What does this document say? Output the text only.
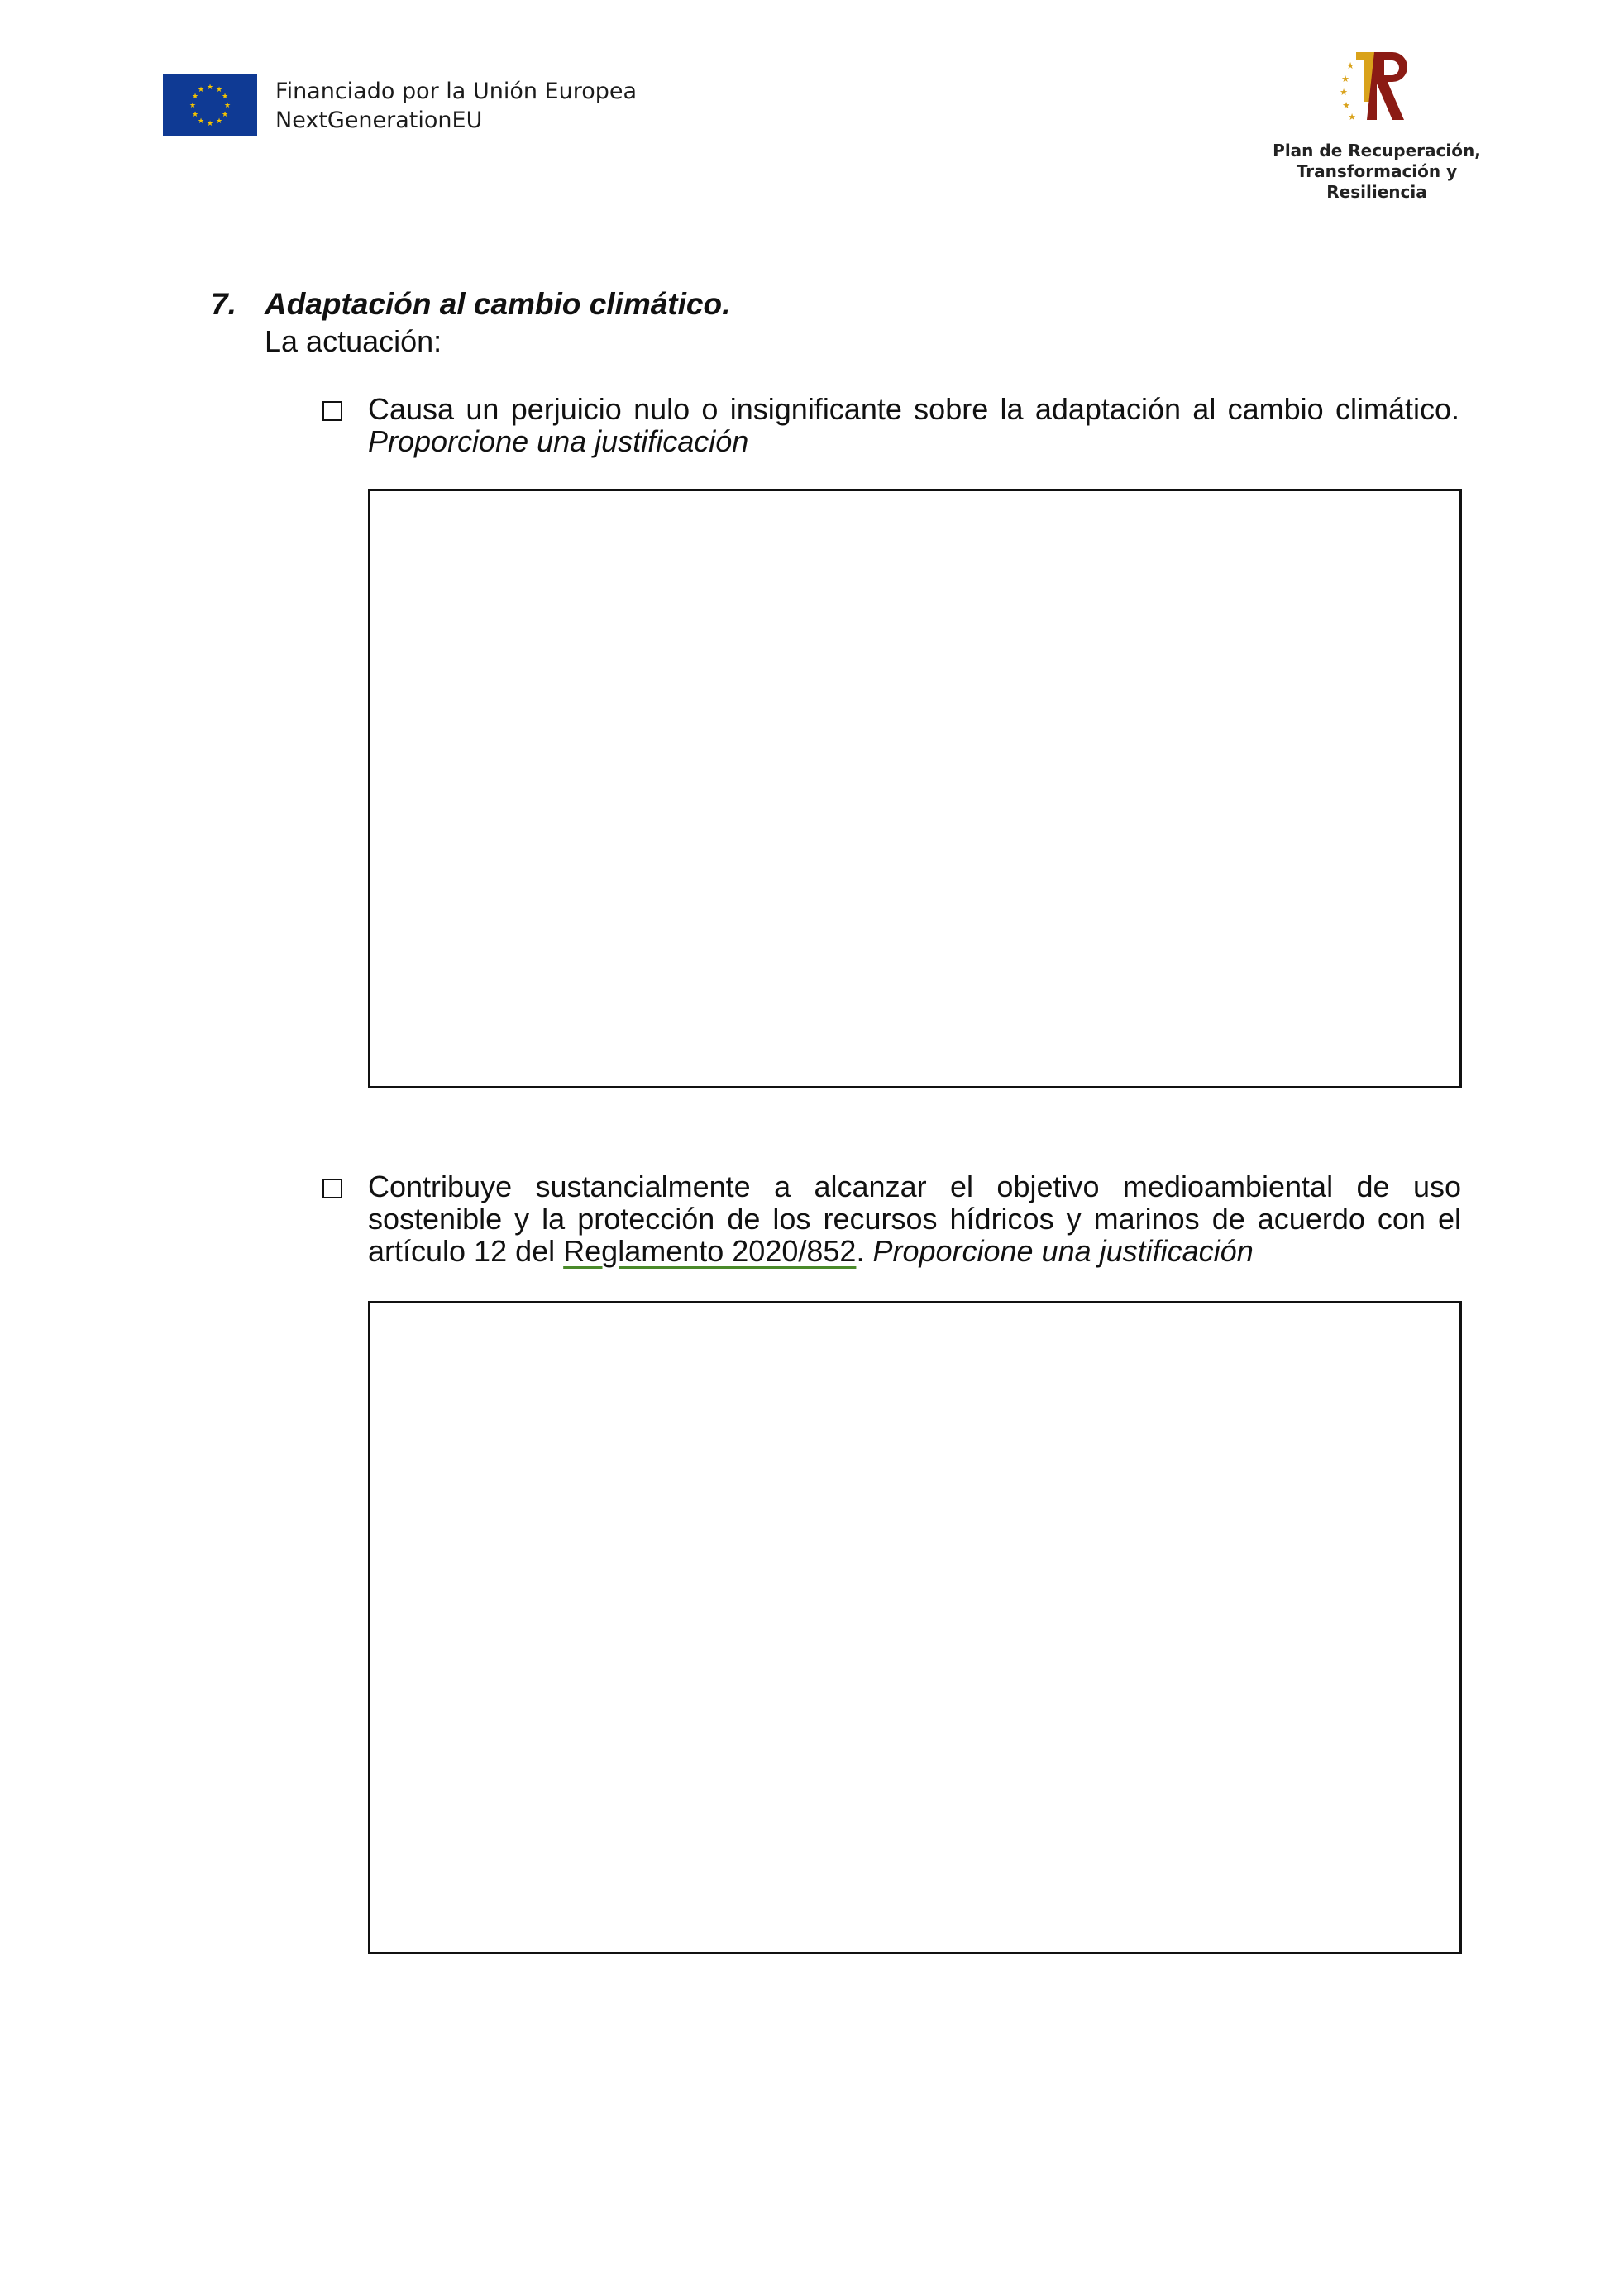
★ ★
★
★
★
★
★
★
★
★
★
★	Financiado por la Unión Europea
NextGenerationEU
★
★
★
★
★
Plan de Recuperación,
Transformación y
Resiliencia
7. Adaptación al cambio climático.
La actuación:
Causa un perjuicio nulo o insignificante sobre la adaptación al cambio climático. Proporcione una justificación
Contribuye sustancialmente a alcanzar el objetivo medioambiental de uso sostenible y la protección de los recursos hídricos y marinos de acuerdo con el artículo 12 del Reglamento 2020/852. Proporcione una justificación
